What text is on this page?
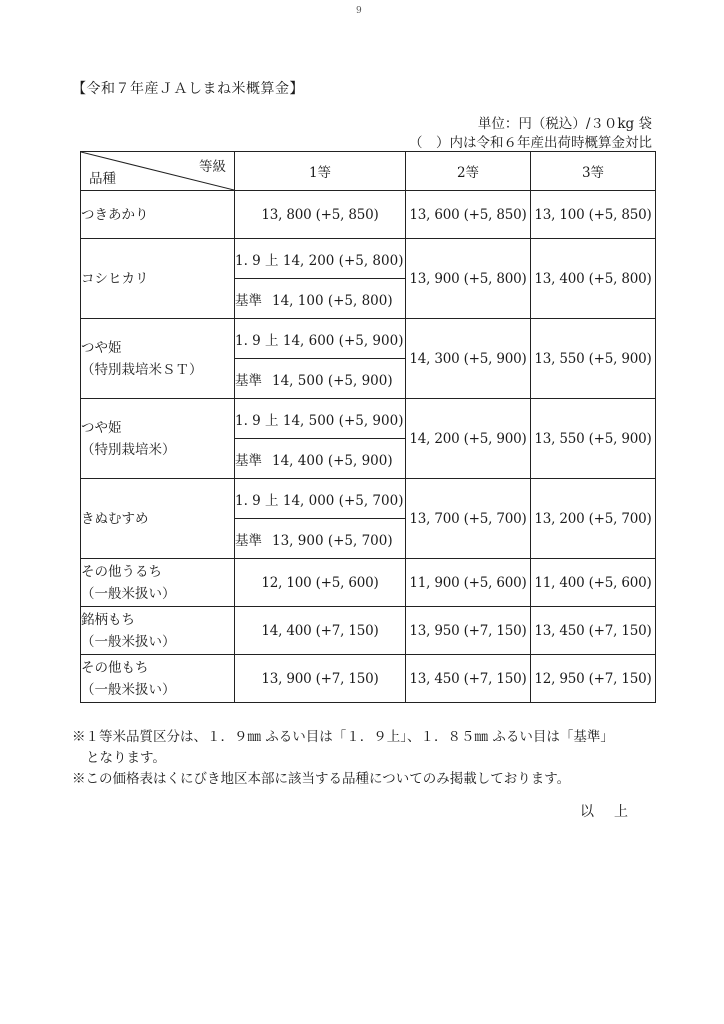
9
【令和７年産ＪＡしまね米概算金】
単位：円（税込）/３０kg 袋
（　）内は令和６年産出荷時概算金対比
等級
品種	1等	2等	3等
つきあかり	13, 800 (+5, 850)	13, 600 (+5, 850)	13, 100 (+5, 850)
コシヒカリ	1. 9 上 14, 200 (+5, 800)	13, 900 (+5, 800)	13, 400 (+5, 800)
	基準 14, 100 (+5, 800)		
つや姫
（特別栽培米ＳＴ）	1. 9 上 14, 600 (+5, 900)	14, 300 (+5, 900)	13, 550 (+5, 900)
	基準 14, 500 (+5, 900)		
つや姫
（特別栽培米）	1. 9 上 14, 500 (+5, 900)	14, 200 (+5, 900)	13, 550 (+5, 900)
	基準 14, 400 (+5, 900)		
きぬむすめ	1. 9 上 14, 000 (+5, 700)	13, 700 (+5, 700)	13, 200 (+5, 700)
	基準 13, 900 (+5, 700)		
その他うるち
（一般米扱い）	12, 100 (+5, 600)	11, 900 (+5, 600)	11, 400 (+5, 600)
銘柄もち
（一般米扱い）	14, 400 (+7, 150)	13, 950 (+7, 150)	13, 450 (+7, 150)
その他もち
（一般米扱い）	13, 900 (+7, 150)	13, 450 (+7, 150)	12, 950 (+7, 150)

※１等米品質区分は、１．９㎜ ふるい目は「１．９上」、１．８５㎜ ふるい目は「基準」

となります。

※この価格表はくにびき地区本部に該当する品種についてのみ掲載しております。

以上
